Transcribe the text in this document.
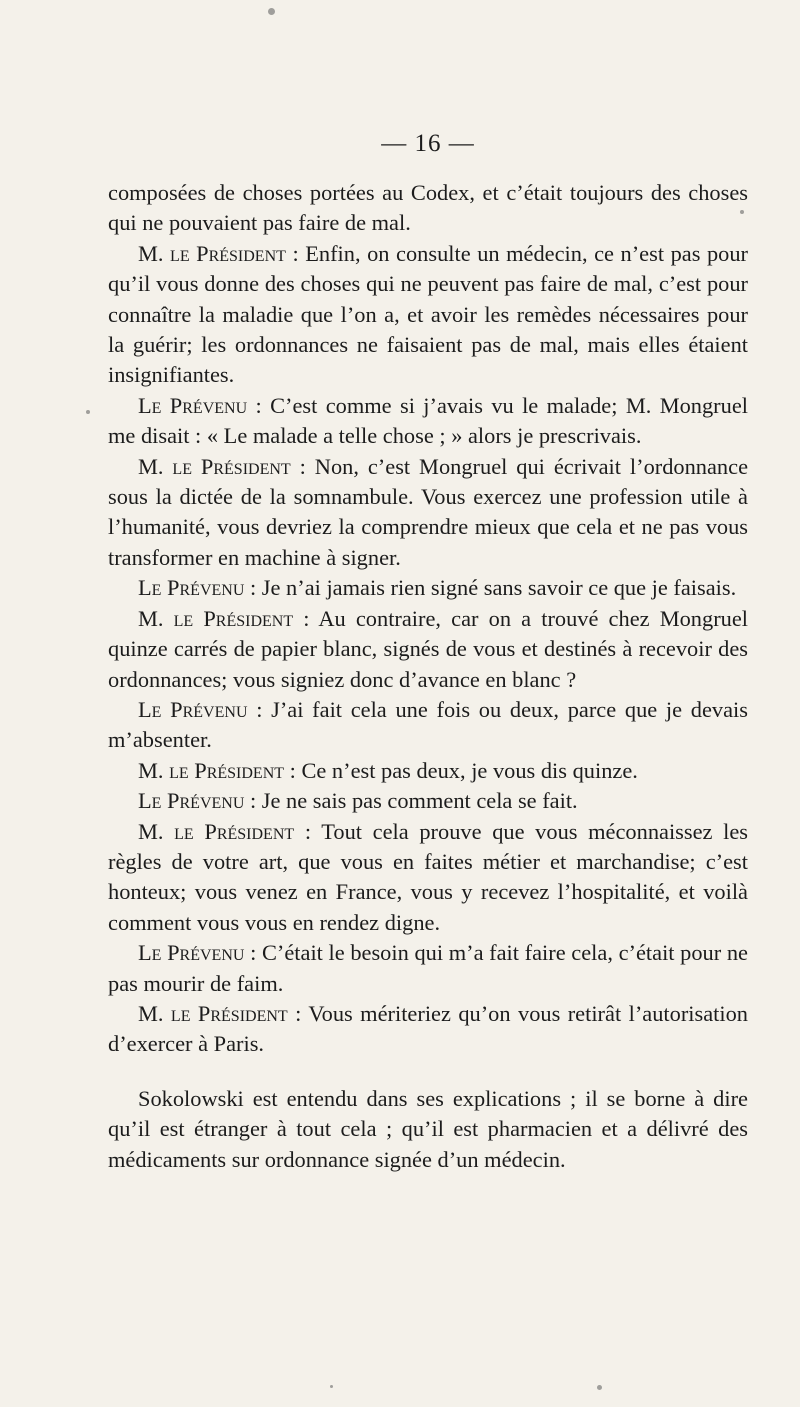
— 16 —

composées de choses portées au Codex, et c’était toujours des choses qui ne pouvaient pas faire de mal.

M. le Président : Enfin, on consulte un médecin, ce n’est pas pour qu’il vous donne des choses qui ne peuvent pas faire de mal, c’est pour connaître la maladie que l’on a, et avoir les remèdes nécessaires pour la guérir; les ordonnances ne faisaient pas de mal, mais elles étaient insignifiantes.

Le Prévenu : C’est comme si j’avais vu le malade; M. Mongruel me disait : « Le malade a telle chose ; » alors je prescrivais.

M. le Président : Non, c’est Mongruel qui écrivait l’ordonnance sous la dictée de la somnambule. Vous exercez une profession utile à l’humanité, vous devriez la comprendre mieux que cela et ne pas vous transformer en machine à signer.

Le Prévenu : Je n’ai jamais rien signé sans savoir ce que je faisais.

M. le Président : Au contraire, car on a trouvé chez Mongruel quinze carrés de papier blanc, signés de vous et destinés à recevoir des ordonnances; vous signiez donc d’avance en blanc ?

Le Prévenu : J’ai fait cela une fois ou deux, parce que je devais m’absenter.

M. le Président : Ce n’est pas deux, je vous dis quinze.

Le Prévenu : Je ne sais pas comment cela se fait.

M. le Président : Tout cela prouve que vous méconnaissez les règles de votre art, que vous en faites métier et marchandise; c’est honteux; vous venez en France, vous y recevez l’hospitalité, et voilà comment vous vous en rendez digne.

Le Prévenu : C’était le besoin qui m’a fait faire cela, c’était pour ne pas mourir de faim.

M. le Président : Vous mériteriez qu’on vous retirât l’autorisation d’exercer à Paris.

Sokolowski est entendu dans ses explications ; il se borne à dire qu’il est étranger à tout cela ; qu’il est pharmacien et a délivré des médicaments sur ordonnance signée d’un médecin.
